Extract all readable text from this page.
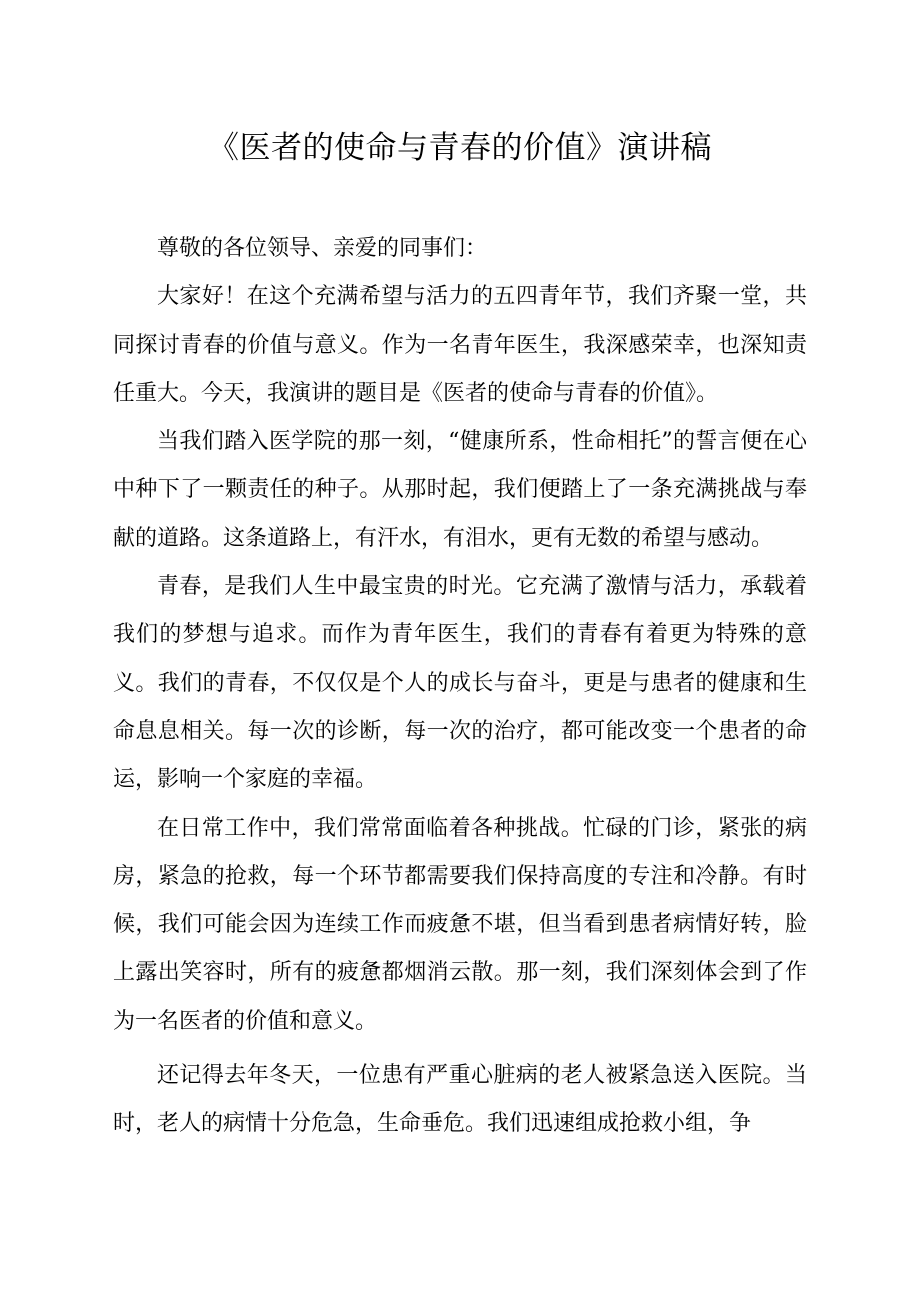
《医者的使命与青春的价值》演讲稿

尊敬的各位领导、亲爱的同事们：

大家好！在这个充满希望与活力的五四青年节，我们齐聚一堂，共同探讨青春的价值与意义。作为一名青年医生，我深感荣幸，也深知责任重大。今天，我演讲的题目是《医者的使命与青春的价值》。

当我们踏入医学院的那一刻，“健康所系，性命相托”的誓言便在心中种下了一颗责任的种子。从那时起，我们便踏上了一条充满挑战与奉献的道路。这条道路上，有汗水，有泪水，更有无数的希望与感动。

青春，是我们人生中最宝贵的时光。它充满了激情与活力，承载着我们的梦想与追求。而作为青年医生，我们的青春有着更为特殊的意义。我们的青春，不仅仅是个人的成长与奋斗，更是与患者的健康和生命息息相关。每一次的诊断，每一次的治疗，都可能改变一个患者的命运，影响一个家庭的幸福。

在日常工作中，我们常常面临着各种挑战。忙碌的门诊，紧张的病房，紧急的抢救，每一个环节都需要我们保持高度的专注和冷静。有时候，我们可能会因为连续工作而疲惫不堪，但当看到患者病情好转，脸上露出笑容时，所有的疲惫都烟消云散。那一刻，我们深刻体会到了作为一名医者的价值和意义。

还记得去年冬天，一位患有严重心脏病的老人被紧急送入医院。当时，老人的病情十分危急，生命垂危。我们迅速组成抢救小组，争
